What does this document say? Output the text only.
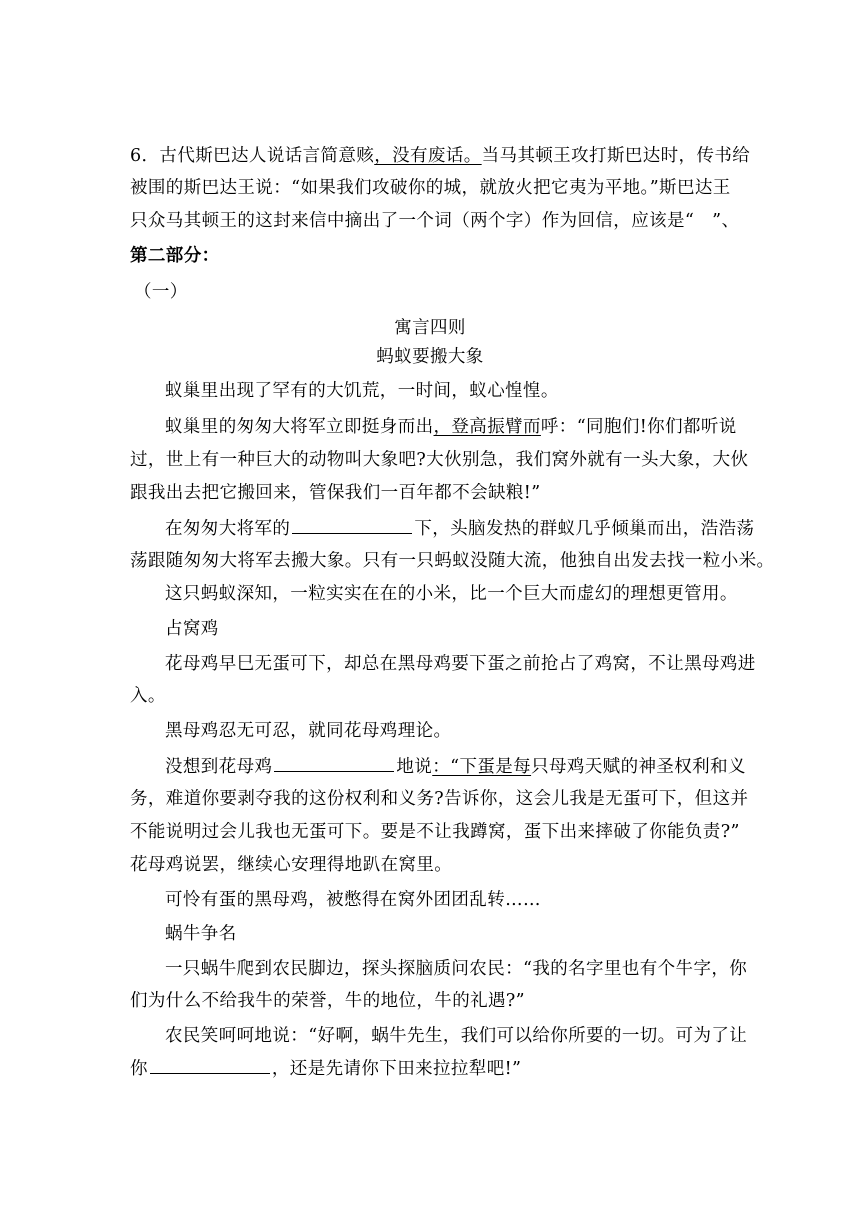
6．古代斯巴达人说话言简意赅，没有废话。当马其顿王攻打斯巴达时，传书给
被围的斯巴达王说：“如果我们攻破你的城，就放火把它夷为平地。”斯巴达王
只众马其顿王的这封来信中摘出了一个词（两个字）作为回信，应该是“　”、
第二部分：
（一）
寓言四则
蚂蚁要搬大象
蚁巢里出现了罕有的大饥荒，一时间，蚁心惶惶。
蚁巢里的匆匆大将军立即挺身而出，登高振臂而呼：“同胞们!你们都听说
过，世上有一种巨大的动物叫大象吧?大伙别急，我们窝外就有一头大象，大伙
跟我出去把它搬回来，管保我们一百年都不会缺粮!”
在匆匆大将军的	下，头脑发热的群蚁几乎倾巢而出，浩浩荡
荡跟随匆匆大将军去搬大象。只有一只蚂蚁没随大流，他独自出发去找一粒小米。
这只蚂蚁深知，一粒实实在在的小米，比一个巨大而虚幻的理想更管用。
占窝鸡
花母鸡早巳无蛋可下，却总在黑母鸡要下蛋之前抢占了鸡窝，不让黑母鸡进
入。
黑母鸡忍无可忍，就同花母鸡理论。
没想到花母鸡	地说：“下蛋是每只母鸡天赋的神圣权利和义
务，难道你要剥夺我的这份权利和义务?告诉你，这会儿我是无蛋可下，但这并
不能说明过会儿我也无蛋可下。要是不让我蹲窝，蛋下出来摔破了你能负责?”
花母鸡说罢，继续心安理得地趴在窝里。
可怜有蛋的黑母鸡，被憋得在窝外团团乱转……
蜗牛争名
一只蜗牛爬到农民脚边，探头探脑质问农民：“我的名字里也有个牛字，你
们为什么不给我牛的荣誉，牛的地位，牛的礼遇?”
农民笑呵呵地说：“好啊，蜗牛先生，我们可以给你所要的一切。可为了让
你	，还是先请你下田来拉拉犁吧!”
